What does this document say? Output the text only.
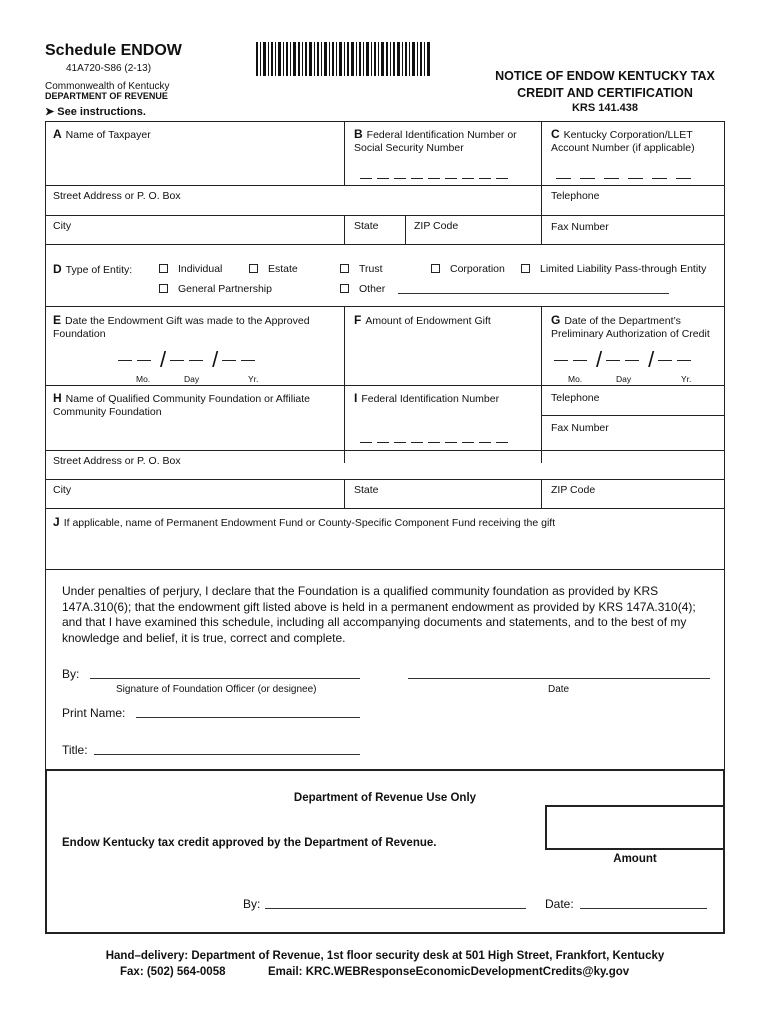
Schedule ENDOW
41A720-S86 (2-13)
Commonwealth of Kentucky
DEPARTMENT OF REVENUE
➤ See instructions.
NOTICE OF ENDOW KENTUCKY TAX
CREDIT AND CERTIFICATION
KRS 141.438
A Name of Taxpayer	B Federal Identification Number or Social Security Number
C Kentucky Corporation/LLET Account Number (if applicable)
Street Address or P. O. Box	Telephone
City	State	ZIP Code	Fax Number
D Type of Entity:	Individual	Estate	Trust	Corporation	Limited Liability Pass-through Entity
General Partnership	Other
E Date the Endowment Gift was made to the Approved Foundation
/ /
Mo.	Day	Yr.
F Amount of Endowment Gift	G Date of the Department’s Preliminary Authorization of Credit
/ /
Mo.	Day	Yr.
H Name of Qualified Community Foundation or Affiliate Community Foundation
I Federal Identification Number	Telephone
Fax Number
Street Address or P. O. Box
City	State	ZIP Code
J If applicable, name of Permanent Endowment Fund or County-Specific Component Fund receiving the gift
Under penalties of perjury, I declare that the Foundation is a qualified community foundation as provided by KRS 147A.310(6); that the endowment gift listed above is held in a permanent endowment as provided by KRS 147A.310(4); and that I have examined this schedule, including all accompanying documents and statements, and to the best of my knowledge and belief, it is true, correct and complete.
By:
Signature of Foundation Officer (or designee)	Date
Print Name:
Title:
Department of Revenue Use Only
Endow Kentucky tax credit approved by the Department of Revenue.
Amount
By:	Date:
Hand–delivery: Department of Revenue, 1st floor security desk at 501 High Street, Frankfort, Kentucky
Fax: (502) 564-0058	Email: KRC.WEBResponseEconomicDevelopmentCredits@ky.gov
